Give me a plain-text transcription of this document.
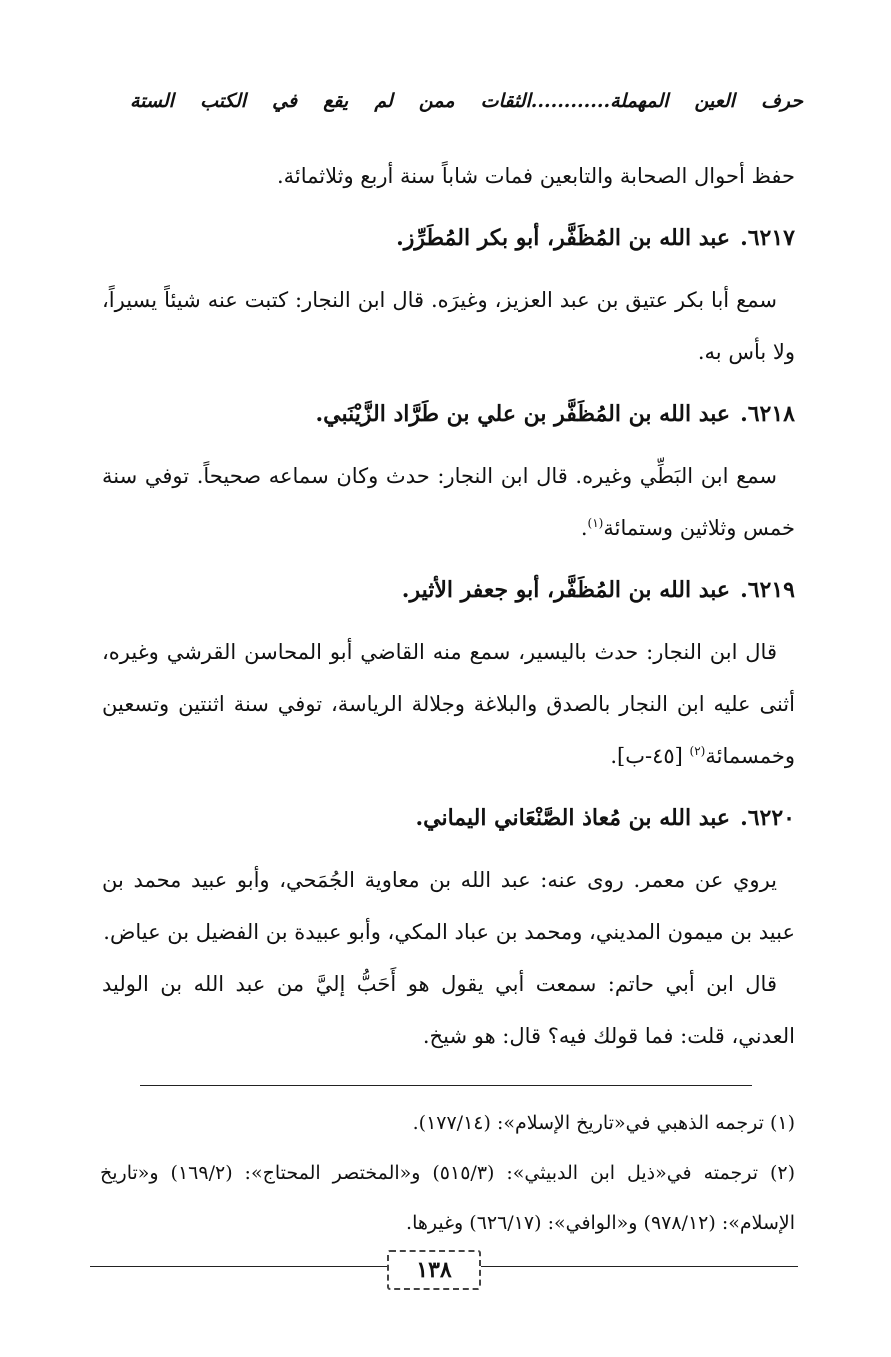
حرف العين المهملة............الثقات ممن لم يقع في الكتب الستة

حفظ أحوال الصحابة والتابعين فمات شاباً سنة أربع وثلاثمائة.

٦٢١٧.عبد الله بن المُظَفَّر، أبو بكر المُطَرِّز.

سمع أبا بكر عتيق بن عبد العزيز، وغيرَه. قال ابن النجار: كتبت عنه شيئاً يسيراً، ولا بأس به.

٦٢١٨.عبد الله بن المُظَفَّر بن علي بن طَرَّاد الزَّيْنَبي.

سمع ابن البَطِّي وغيره. قال ابن النجار: حدث وكان سماعه صحيحاً. توفي سنة خمس وثلاثين وستمائة$^{(١)}$.

٦٢١٩.عبد الله بن المُظَفَّر، أبو جعفر الأثير.

قال ابن النجار: حدث باليسير، سمع منه القاضي أبو المحاسن القرشي وغيره، أثنى عليه ابن النجار بالصدق والبلاغة وجلالة الرياسة، توفي سنة اثنتين وتسعين وخمسمائة$^{(٢)}$ [٤٥-ب].

٦٢٢٠.عبد الله بن مُعاذ الصَّنْعَاني اليماني.

يروي عن معمر. روى عنه: عبد الله بن معاوية الجُمَحي، وأبو عبيد محمد بن عبيد بن ميمون المديني، ومحمد بن عباد المكي، وأبو عبيدة بن الفضيل بن عياض.

قال ابن أبي حاتم: سمعت أبي يقول هو أَحَبُّ إليَّ من عبد الله بن الوليد العدني، قلت: فما قولك فيه؟ قال: هو شيخ.

(١) ترجمه الذهبي في«تاريخ الإسلام»: (١٧٧/١٤).

(٢) ترجمته في«ذيل ابن الدبيثي»: (٥١٥/٣) و«المختصر المحتاج»: (١٦٩/٢) و«تاريخ الإسلام»: (٩٧٨/١٢) و«الوافي»: (٦٢٦/١٧) وغيرها.

١٣٨
